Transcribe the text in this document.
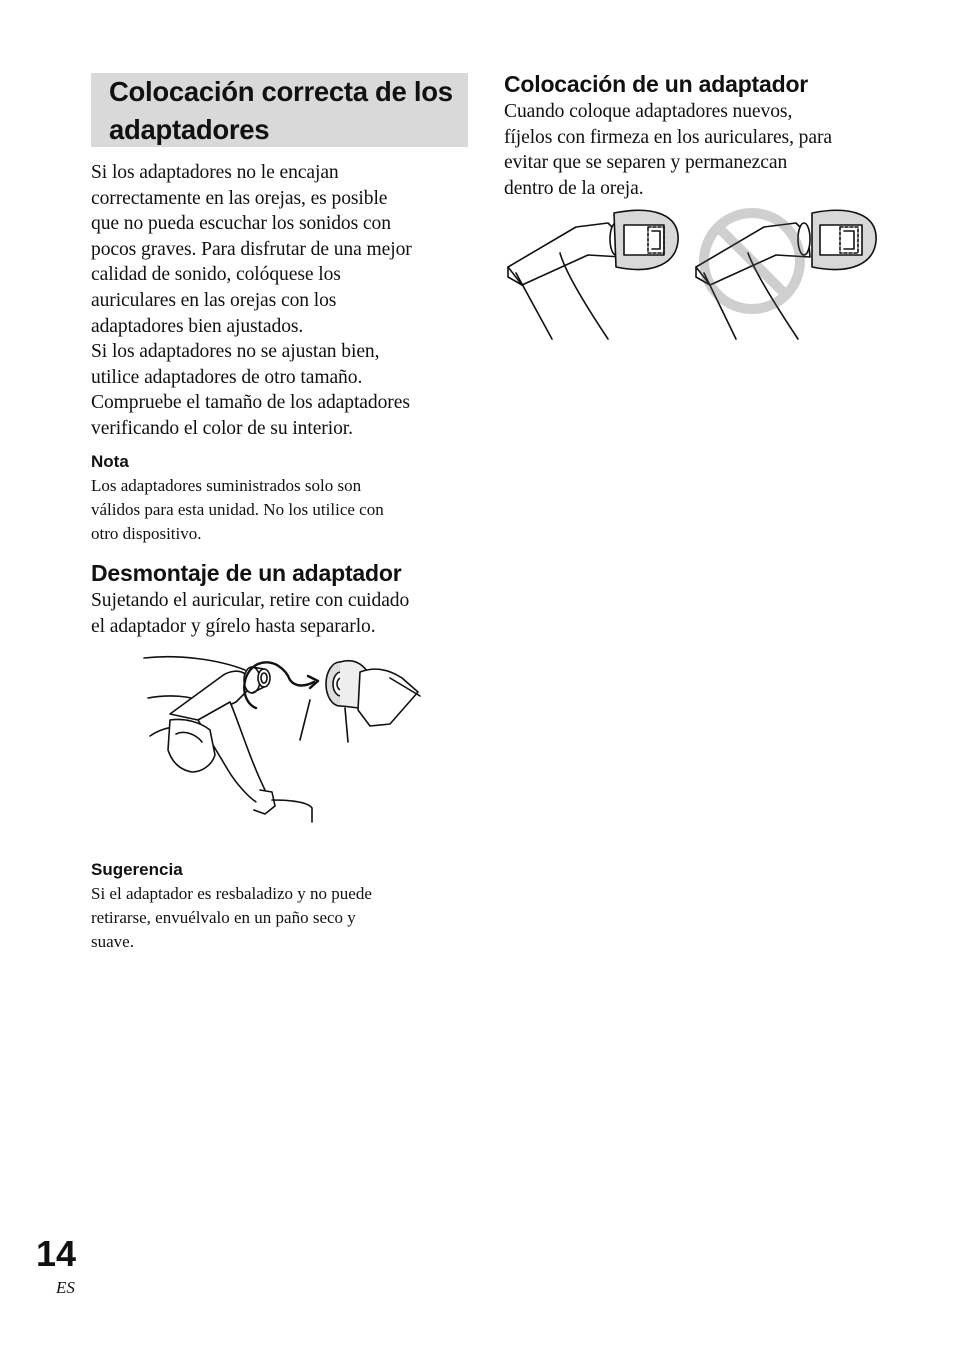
Colocación correcta de los adaptadores
Si los adaptadores no le encajan
correctamente en las orejas, es posible
que no pueda escuchar los sonidos con
pocos graves. Para disfrutar de una mejor
calidad de sonido, colóquese los
auriculares en las orejas con los
adaptadores bien ajustados.
Si los adaptadores no se ajustan bien,
utilice adaptadores de otro tamaño.
Compruebe el tamaño de los adaptadores
verificando el color de su interior.
Nota
Los adaptadores suministrados solo son
válidos para esta unidad. No los utilice con
otro dispositivo.
Desmontaje de un adaptador
Sujetando el auricular, retire con cuidado
el adaptador y gírelo hasta separarlo.
Sugerencia
Si el adaptador es resbaladizo y no puede
retirarse, envuélvalo en un paño seco y
suave.
Colocación de un adaptador
Cuando coloque adaptadores nuevos,
fíjelos con firmeza en los auriculares, para
evitar que se separen y permanezcan
dentro de la oreja.
14
ES
